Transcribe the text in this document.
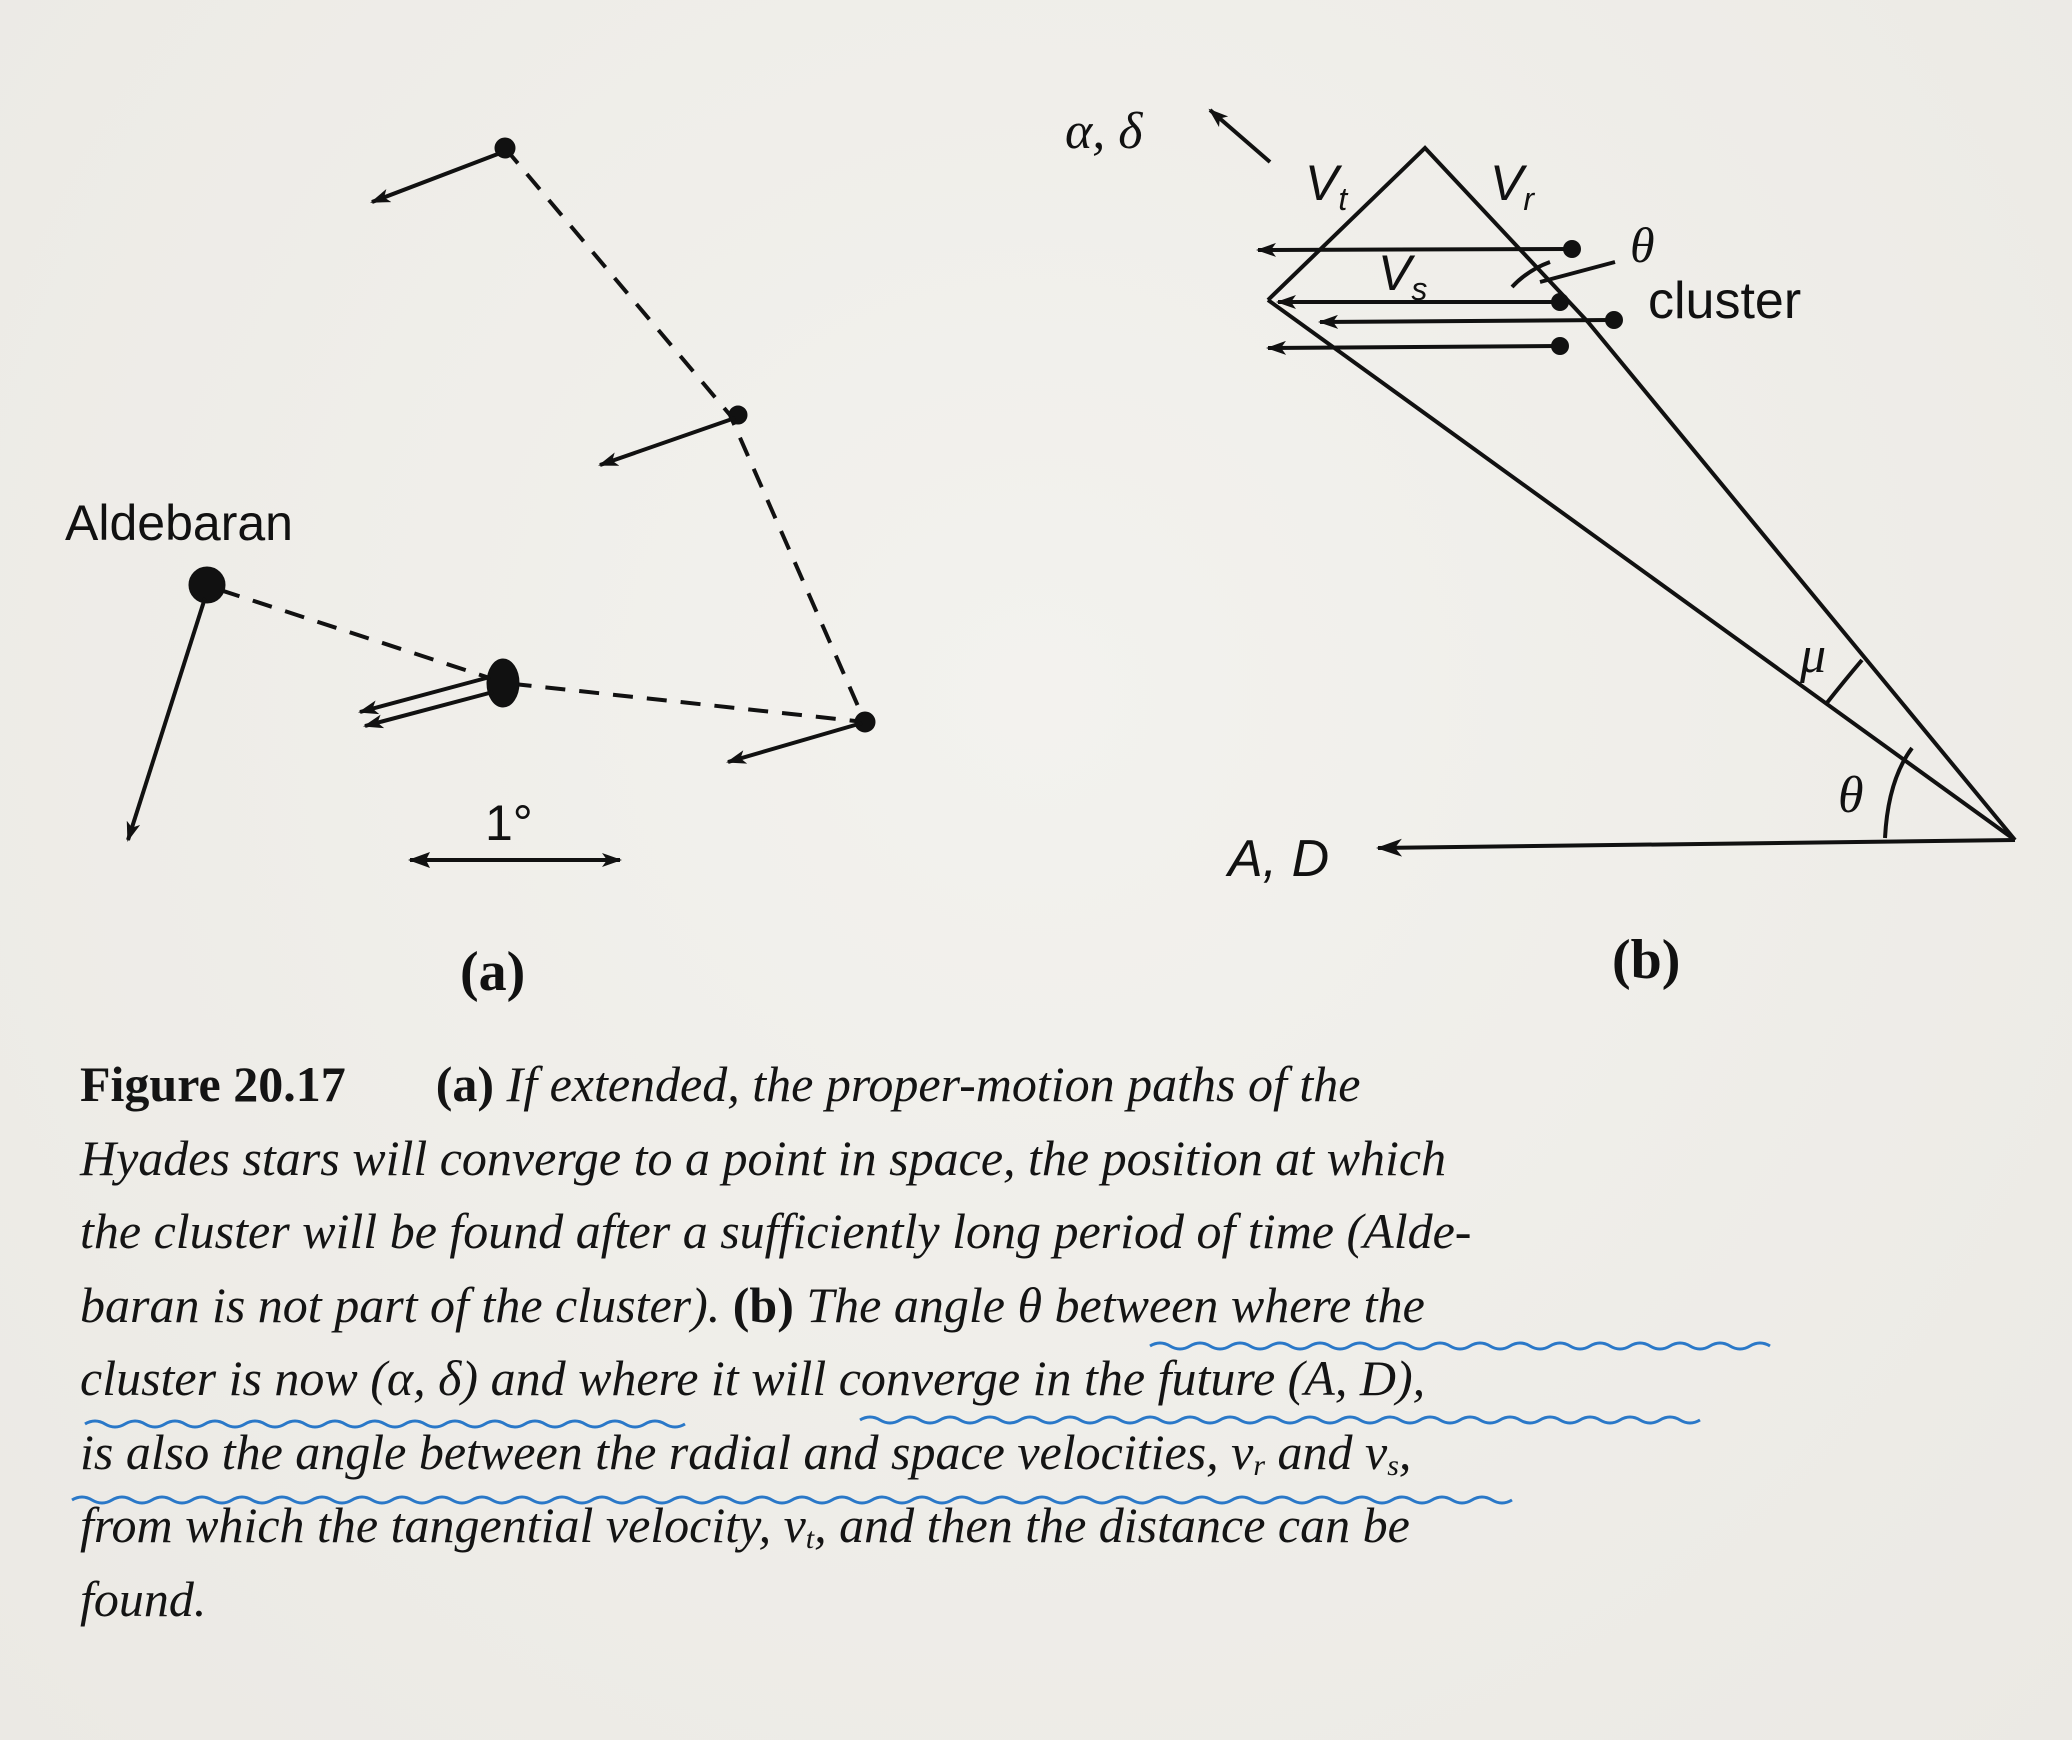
Aldebaran
1°
(a)
α, δ
$V_t$	$V_r$
$V_s$
θ
cluster
μ
θ
A, D
(b)
Figure 20.17 (a) If extended, the proper-motion paths of the
Hyades stars will converge to a point in space, the position at which
the cluster will be found after a sufficiently long period of time (Alde-
baran is not part of the cluster). (b) The angle θ between where the
cluster is now (α, δ) and where it will converge in the future (A, D),
is also the angle between the radial and space velocities, $v_r$ and $v_s$,
from which the tangential velocity, $v_t$, and then the distance can be
found.
